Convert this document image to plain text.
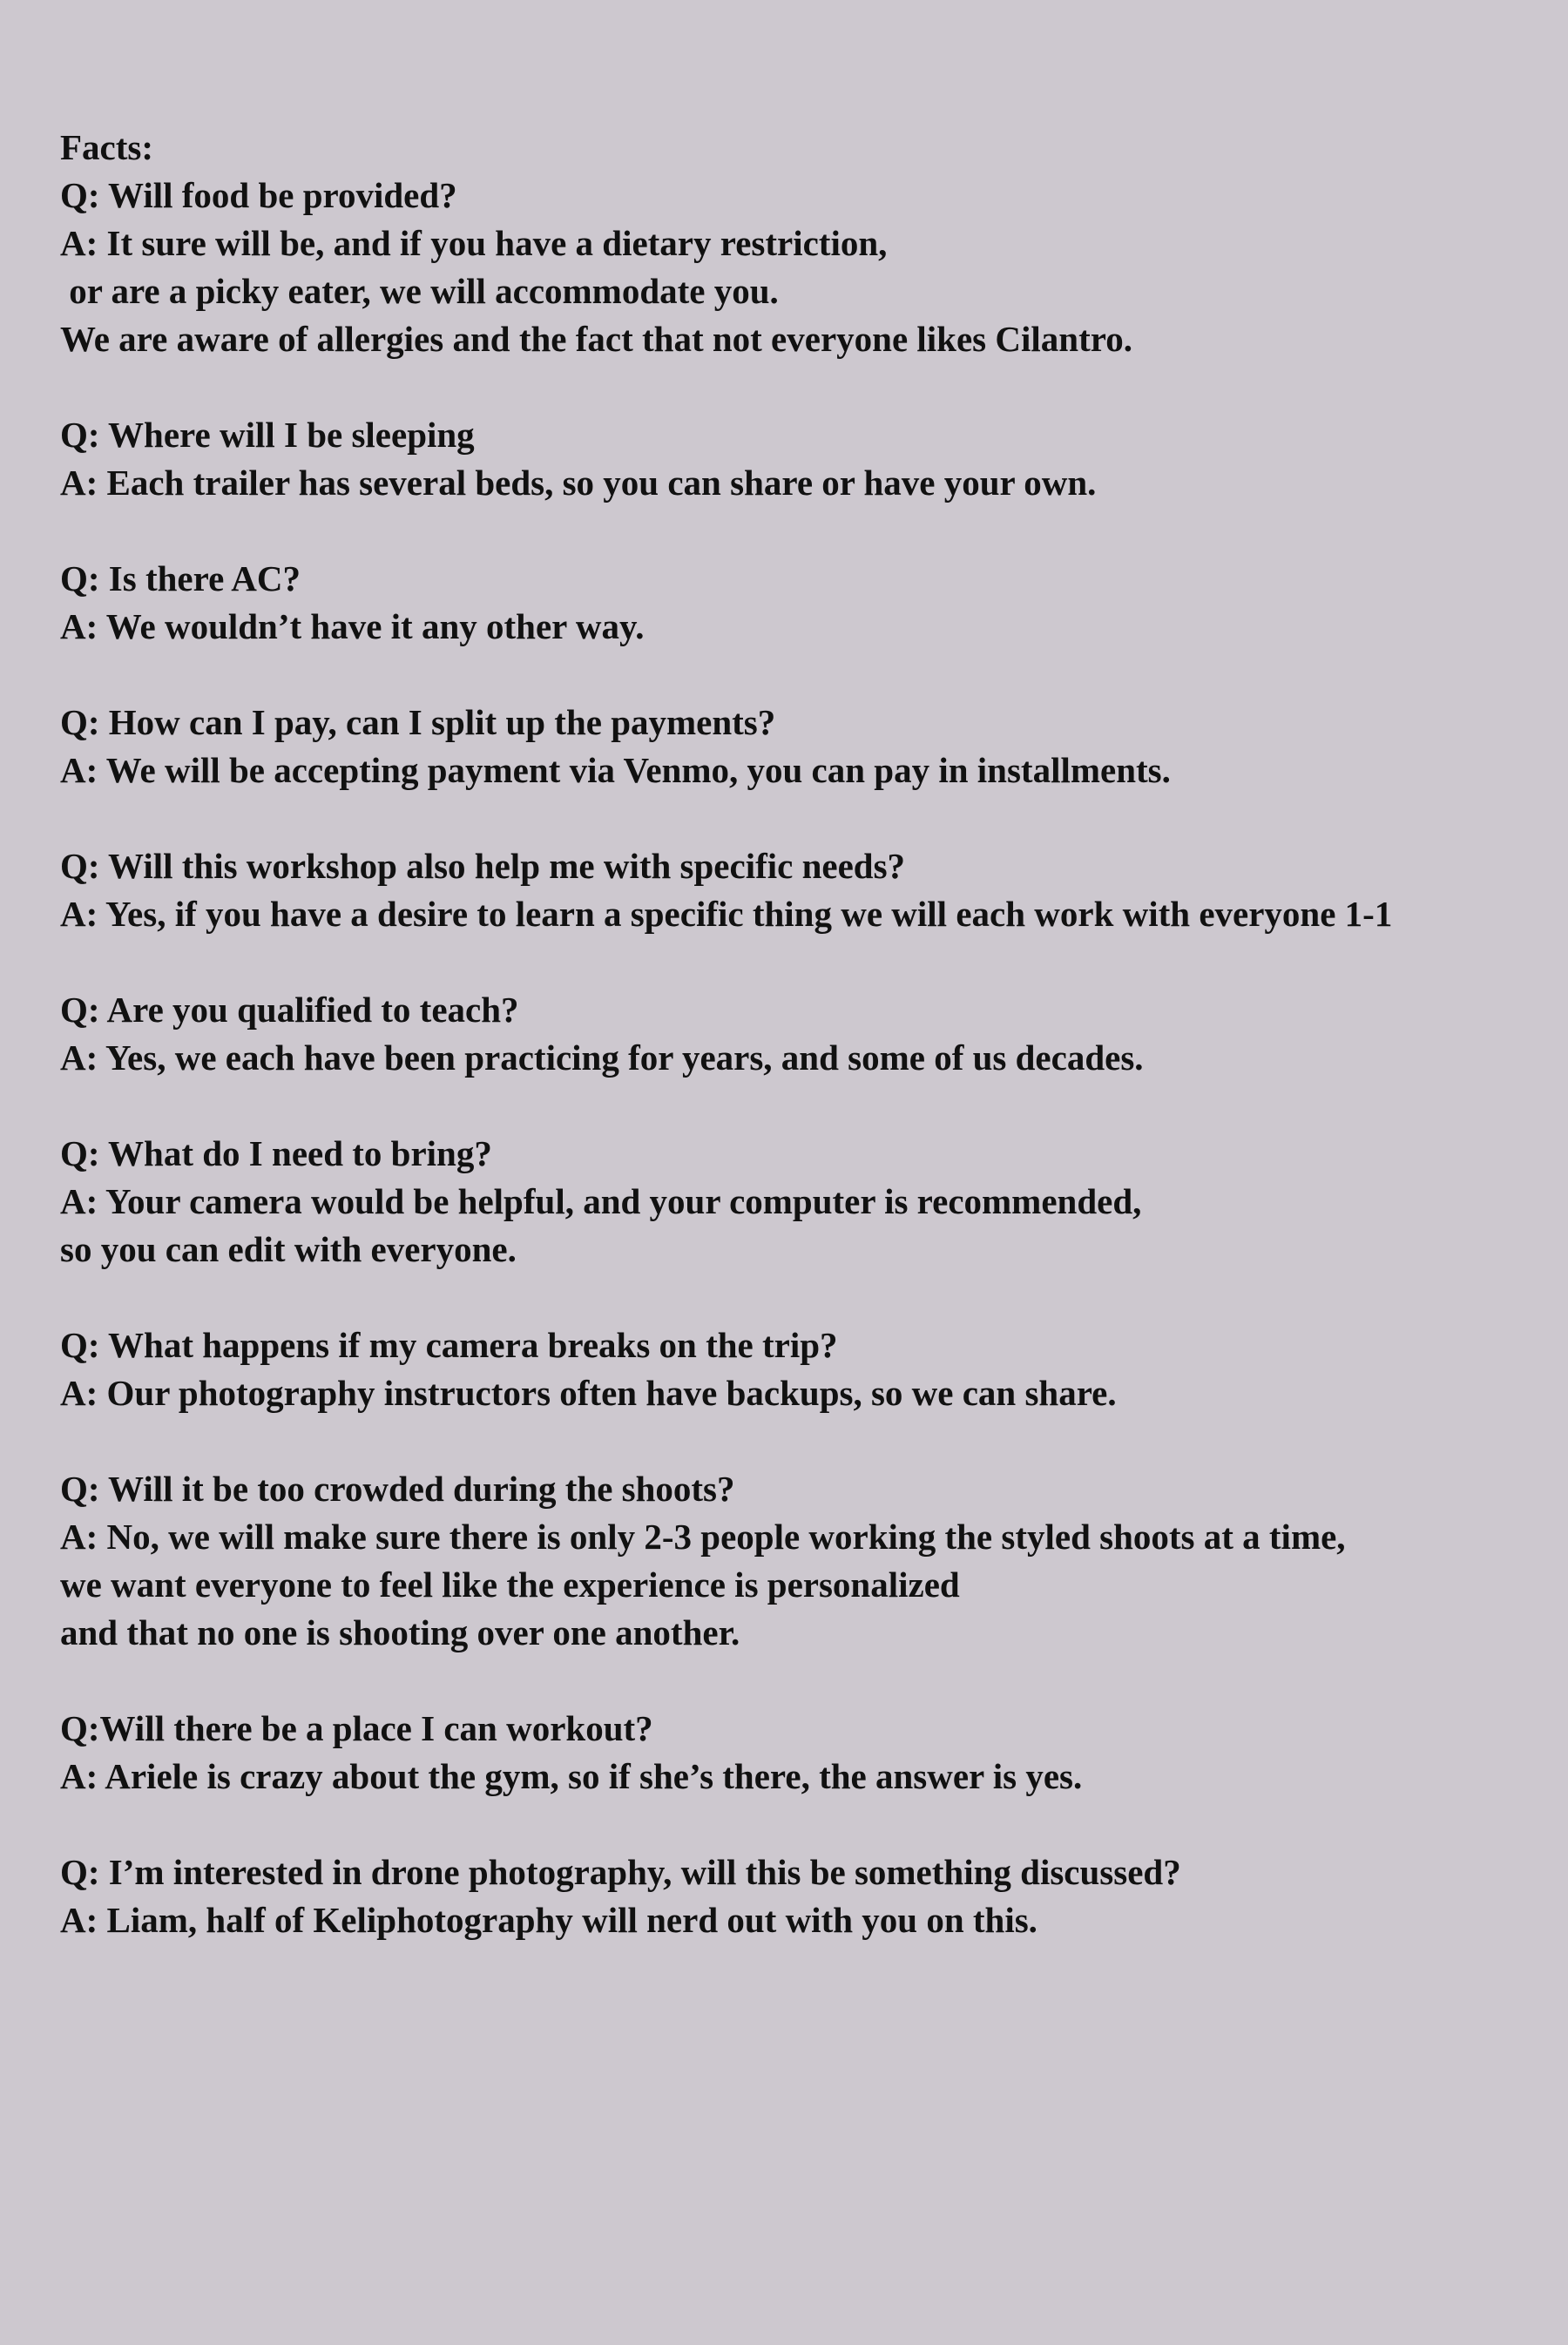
Facts:
Q: Will food be provided?
A: It sure will be, and if you have a dietary restriction,
or are a picky eater, we will accommodate you.
We are aware of allergies and the fact that not everyone likes Cilantro.
Q: Where will I be sleeping
A: Each trailer has several beds, so you can share or have your own.
Q: Is there AC?
A: We wouldn’t have it any other way.
Q: How can I pay, can I split up the payments?
A: We will be accepting payment via Venmo, you can pay in installments.
Q: Will this workshop also help me with specific needs?
A: Yes, if you have a desire to learn a specific thing we will each work with everyone 1-1
Q: Are you qualified to teach?
A: Yes, we each have been practicing for years, and some of us decades.
Q: What do I need to bring?
A: Your camera would be helpful, and your computer is recommended,
so you can edit with everyone.
Q: What happens if my camera breaks on the trip?
A: Our photography instructors often have backups, so we can share.
Q: Will it be too crowded during the shoots?
A: No, we will make sure there is only 2-3 people working the styled shoots at a time,
we want everyone to feel like the experience is personalized
and that no one is shooting over one another.
Q:Will there be a place I can workout?
A: Ariele is crazy about the gym, so if she’s there, the answer is yes.
Q: I’m interested in drone photography, will this be something discussed?
A: Liam, half of Keliphotography will nerd out with you on this.
